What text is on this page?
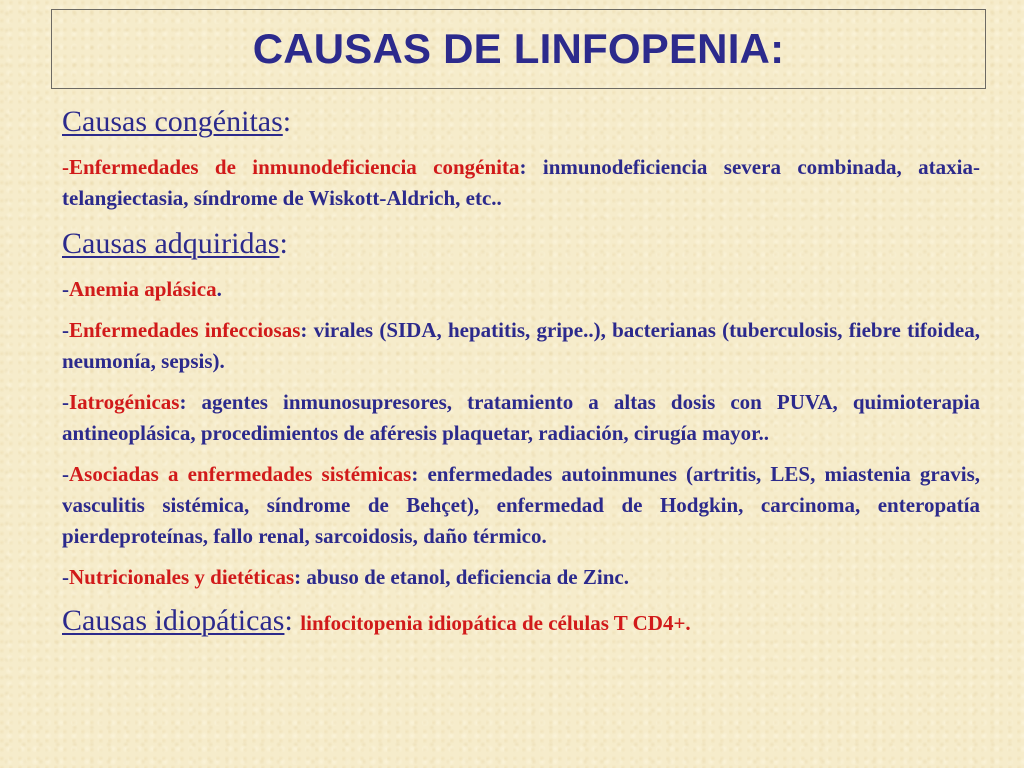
CAUSAS DE LINFOPENIA:

Causas congénitas:

-Enfermedades de inmunodeficiencia congénita: inmunodeficiencia severa combinada, ataxia-telangiectasia, síndrome de Wiskott-Aldrich, etc..

Causas adquiridas:

-Anemia aplásica.

-Enfermedades infecciosas: virales (SIDA, hepatitis, gripe..), bacterianas (tuberculosis, fiebre tifoidea, neumonía, sepsis).

-Iatrogénicas: agentes inmunosupresores, tratamiento a altas dosis con PUVA, quimioterapia antineoplásica, procedimientos de aféresis plaquetar, radiación, cirugía mayor..

-Asociadas a enfermedades sistémicas: enfermedades autoinmunes (artritis, LES, miastenia gravis, vasculitis sistémica, síndrome de Behçet), enfermedad de Hodgkin, carcinoma, enteropatía pierdeproteínas, fallo renal, sarcoidosis, daño térmico.

-Nutricionales y dietéticas: abuso de etanol, deficiencia de Zinc.

Causas idiopáticas: linfocitopenia idiopática de células T CD4+.
